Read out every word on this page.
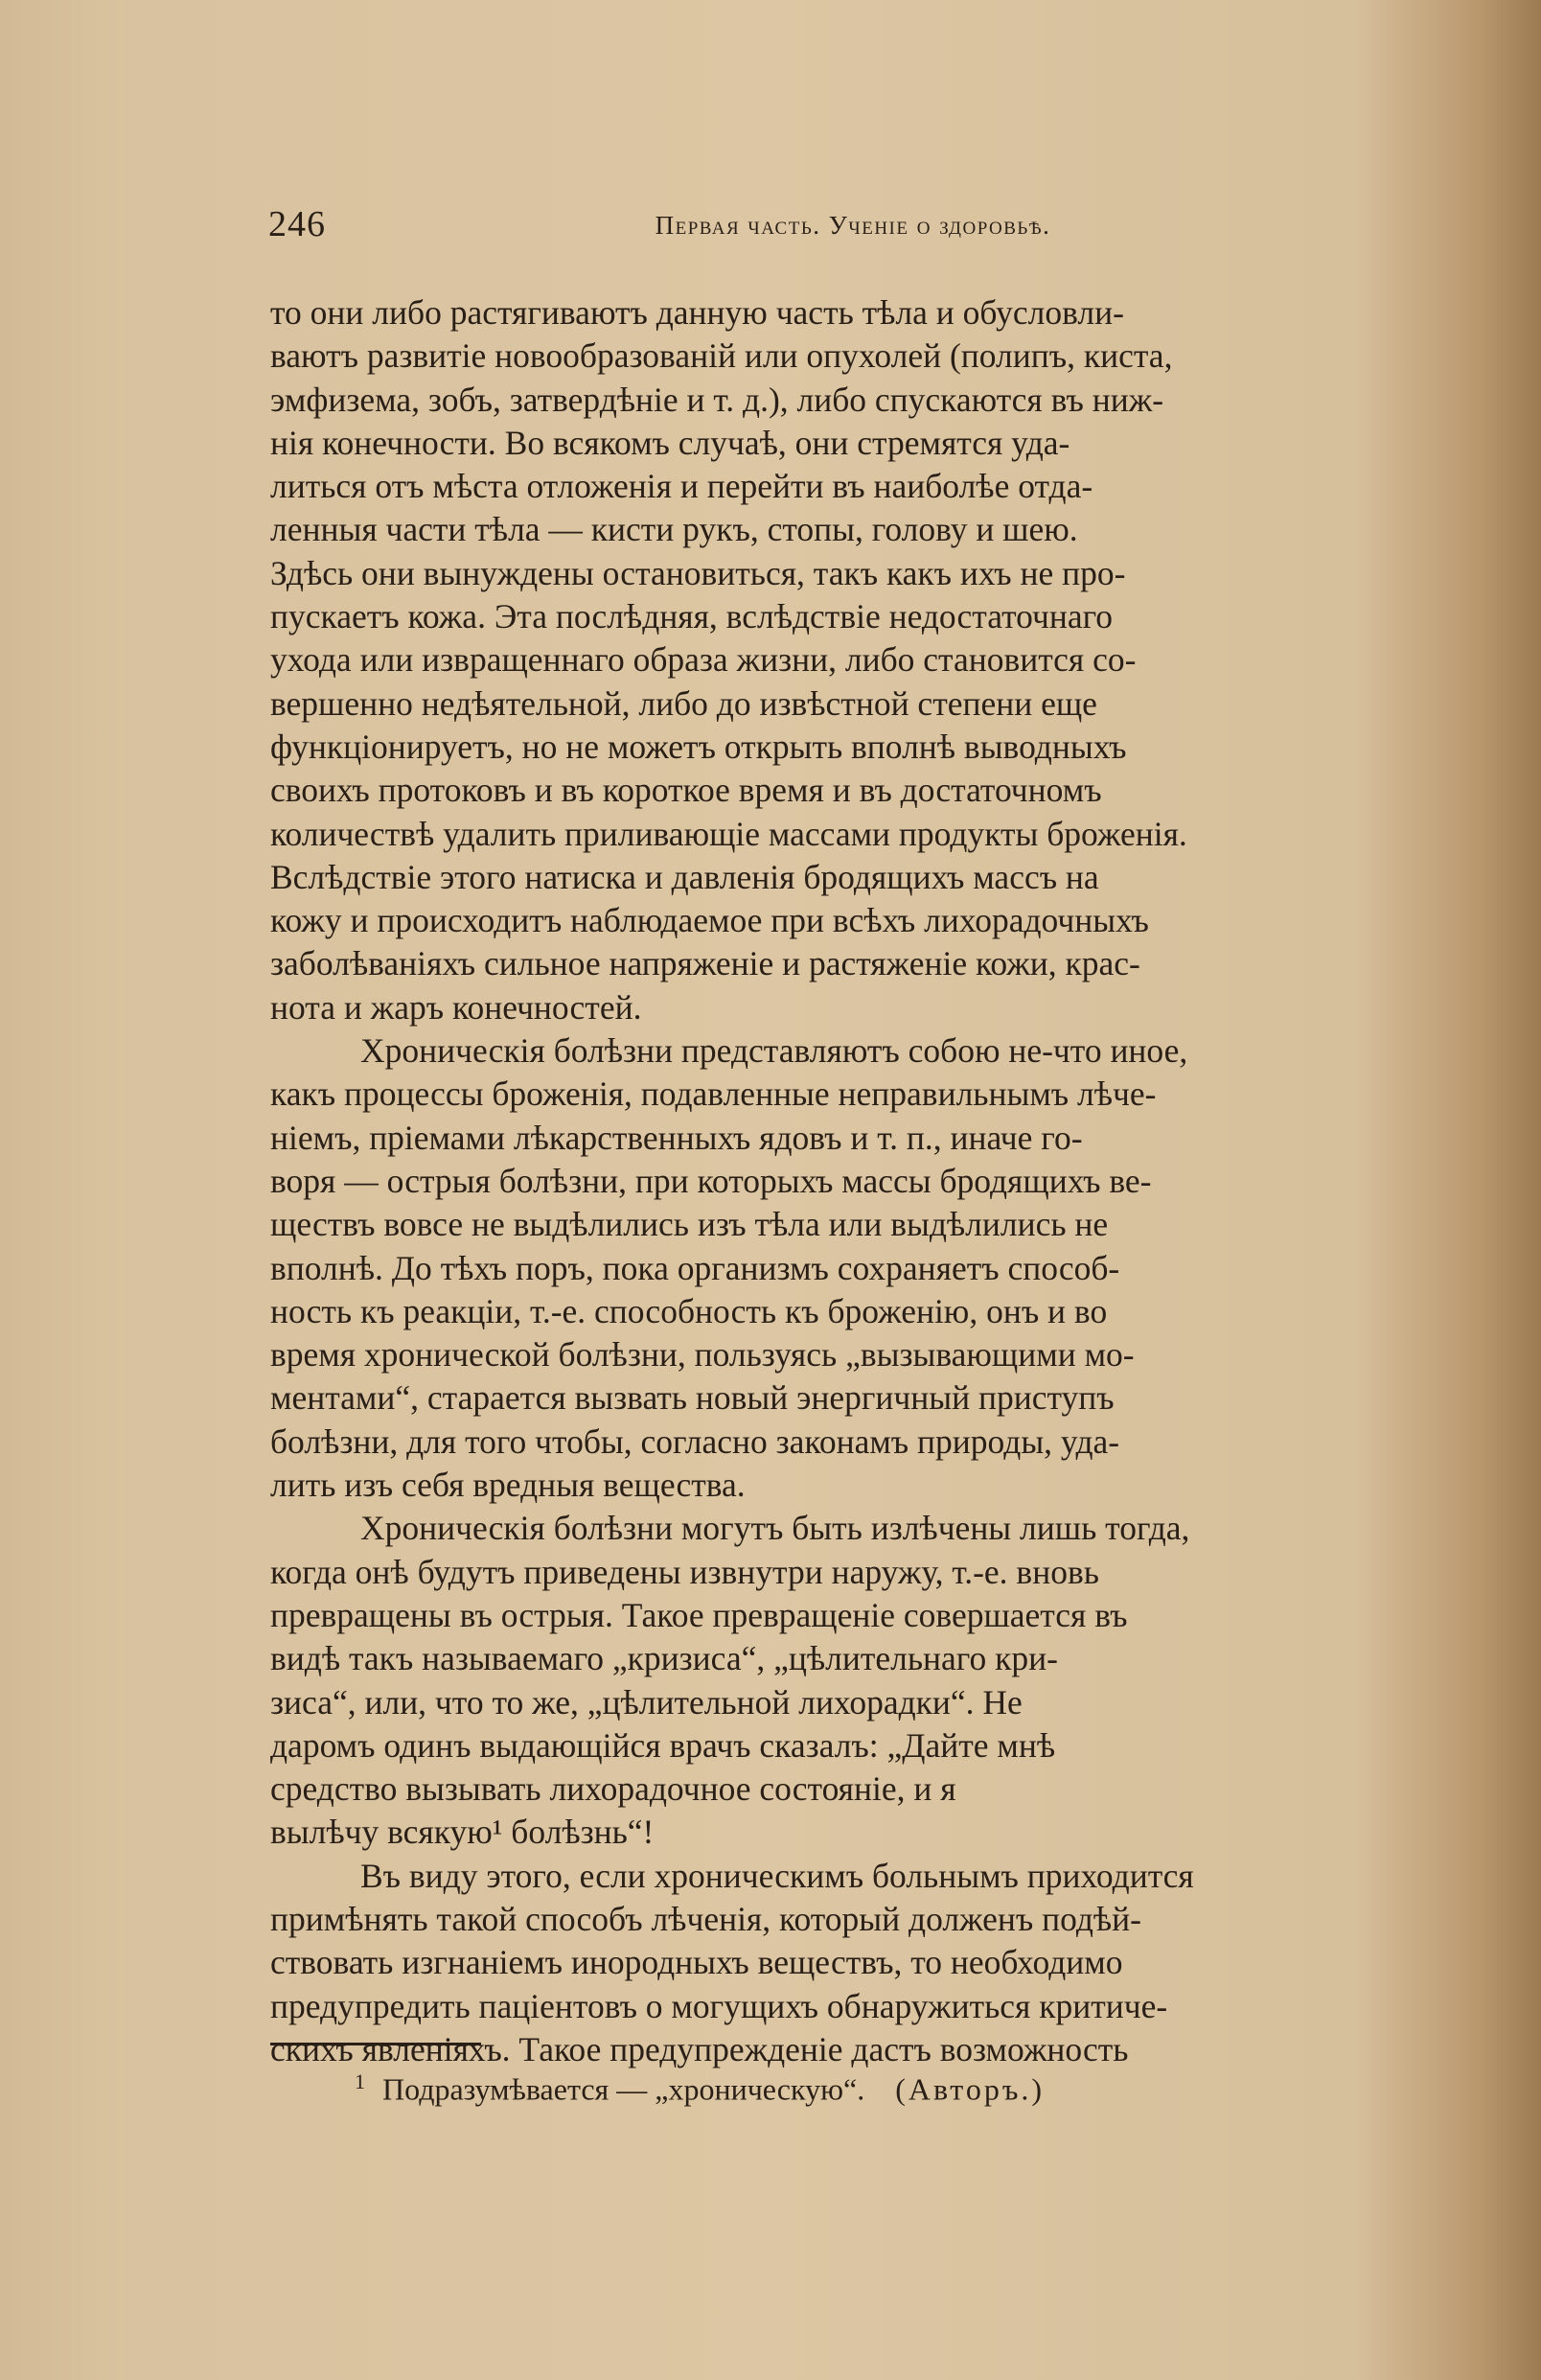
246	Первая часть. Ученіе о здоровьѣ.

то они либо растягиваютъ данную часть тѣла и обусловли-
ваютъ развитіе новообразованій или опухолей (полипъ, киста,
эмфизема, зобъ, затвердѣніе и т. д.), либо спускаются въ ниж-
нія конечности. Во всякомъ случаѣ, они стремятся уда-
литься отъ мѣста отложенія и перейти въ наиболѣе отда-
ленныя части тѣла — кисти рукъ, стопы, голову и шею.
Здѣсь они вынуждены остановиться, такъ какъ ихъ не про-
пускаетъ кожа. Эта послѣдняя, вслѣдствіе недостаточнаго
ухода или извращеннаго образа жизни, либо становится со-
вершенно недѣятельной, либо до извѣстной степени еще
функціонируетъ, но не можетъ открыть вполнѣ выводныхъ
своихъ протоковъ и въ короткое время и въ достаточномъ
количествѣ удалить приливающіе массами продукты броженія.
Вслѣдствіе этого натиска и давленія бродящихъ массъ на
кожу и происходитъ наблюдаемое при всѣхъ лихорадочныхъ
заболѣваніяхъ сильное напряженіе и растяженіе кожи, крас-
нота и жаръ конечностей.

Хроническія болѣзни представляютъ собою не-что иное,
какъ процессы броженія, подавленные неправильнымъ лѣче-
ніемъ, пріемами лѣкарственныхъ ядовъ и т. п., иначе го-
воря — острыя болѣзни, при которыхъ массы бродящихъ ве-
ществъ вовсе не выдѣлились изъ тѣла или выдѣлились не
вполнѣ. До тѣхъ поръ, пока организмъ сохраняетъ способ-
ность къ реакціи, т.-е. способность къ броженію, онъ и во
время хронической болѣзни, пользуясь „вызывающими мо-
ментами“, старается вызвать новый энергичный приступъ
болѣзни, для того чтобы, согласно законамъ природы, уда-
лить изъ себя вредныя вещества.

Хроническія болѣзни могутъ быть излѣчены лишь тогда,
когда онѣ будутъ приведены извнутри наружу, т.-е. вновь
превращены въ острыя. Такое превращеніе совершается въ
видѣ такъ называемаго „кризиса“, „цѣлительнаго кри-
зиса“, или, что то же, „цѣлительной лихорадки“. Не
даромъ одинъ выдающійся врачъ сказалъ: „Дайте мнѣ
средство вызывать лихорадочное состояніе, и я
вылѣчу всякую¹ болѣзнь“!

Въ виду этого, если хроническимъ больнымъ приходится
примѣнять такой способъ лѣченія, который долженъ подѣй-
ствовать изгнаніемъ инородныхъ веществъ, то необходимо
предупредить паціентовъ о могущихъ обнаружиться критиче-
скихъ явленіяхъ. Такое предупрежденіе дастъ возможность

$^1$ Подразумѣвается — „хроническую“. (Авторъ.)
